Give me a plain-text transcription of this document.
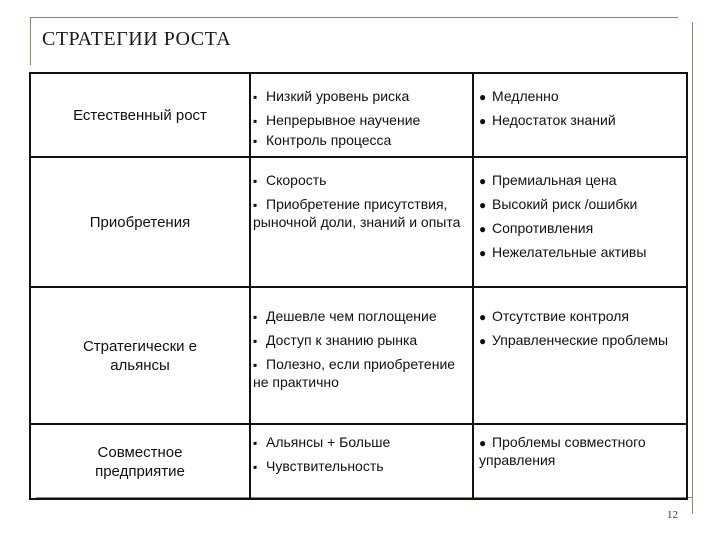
СТРАТЕГИИ РОСТА
Естественный рост
▪ Низкий уровень риска
▪ Непрерывное научение
▪ Контроль процесса
● Медленно
● Недостаток знаний
Приобретения
▪ Скорость
▪ Приобретение присутствия, рыночной доли, знаний и опыта
● Премиальная цена
● Высокий риск /ошибки
● Сопротивления
● Нежелательные активы
Стратегически е альянсы
▪ Дешевле чем поглощение
▪ Доступ к знанию рынка
▪ Полезно, если приобретение не практично
● Отсутствие контроля
● Управленческие проблемы
Совместное предприятие
▪ Альянсы + Больше
▪ Чувствительность
● Проблемы совместного управления
12
